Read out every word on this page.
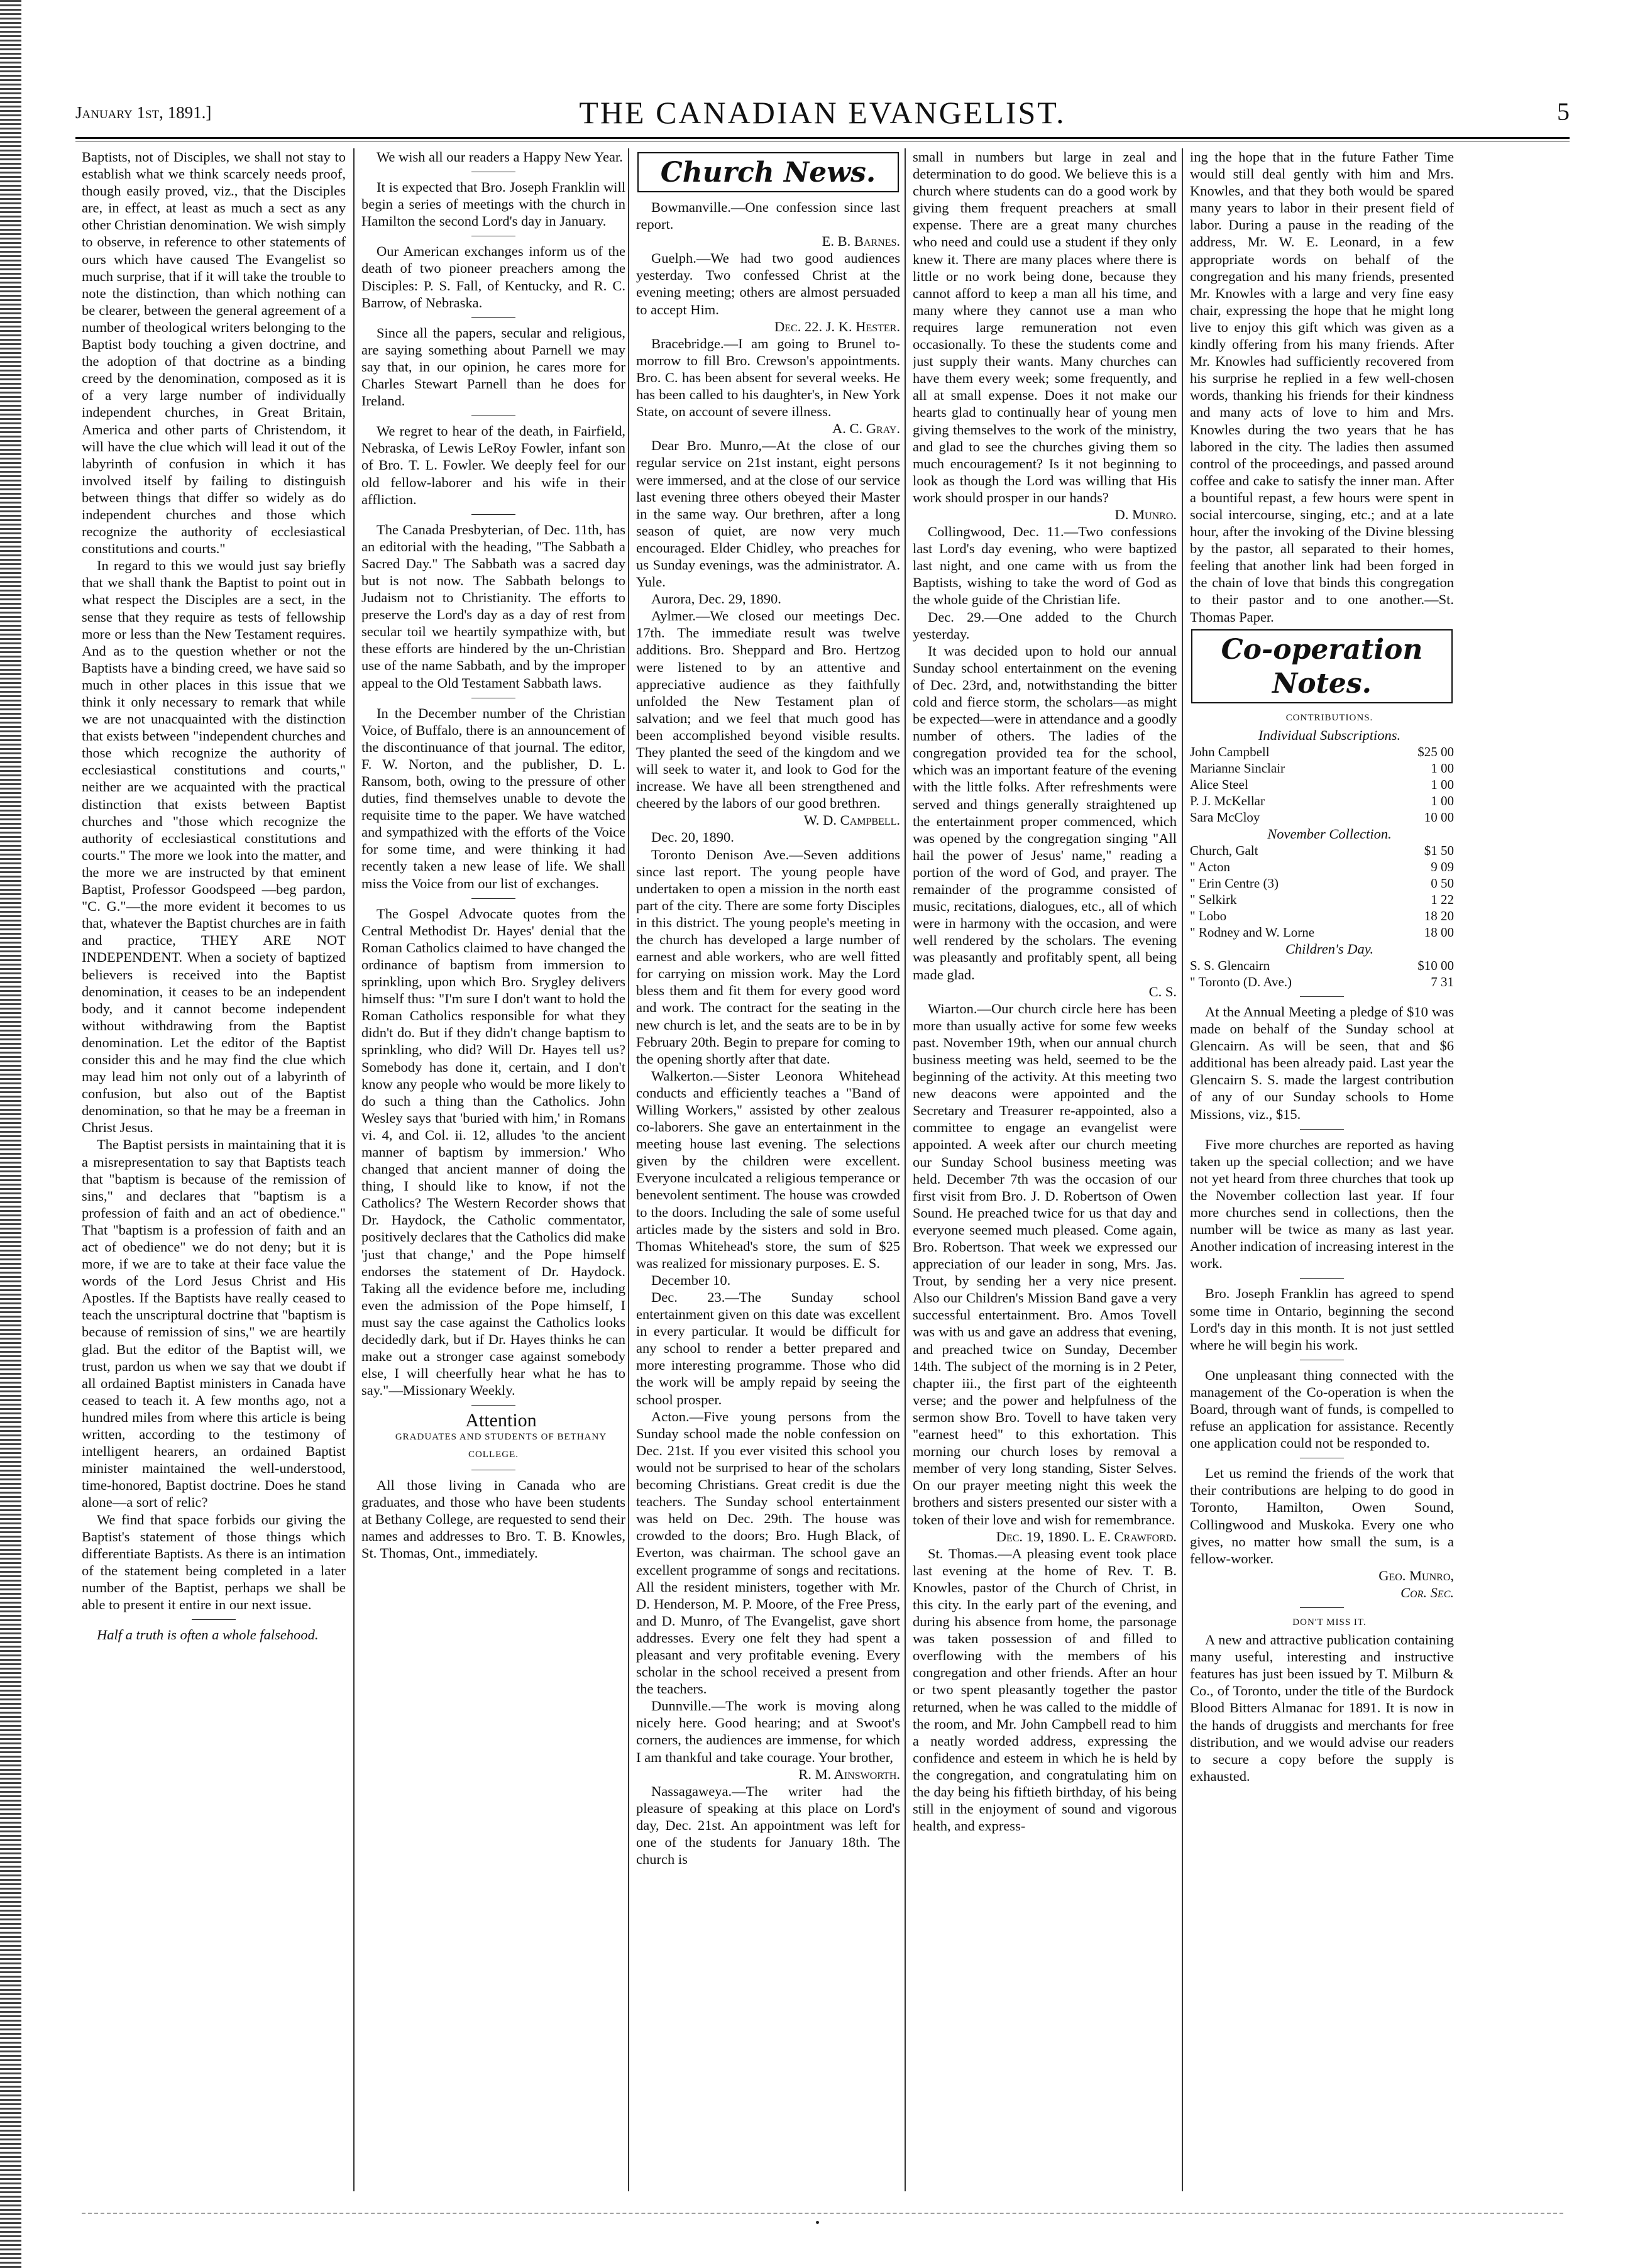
January 1st, 1891.]	THE CANADIAN EVANGELIST.	5

Baptists, not of Disciples, we shall not stay to establish what we think scarcely needs proof, though easily proved, viz., that the Disciples are, in effect, at least as much a sect as any other Christian denomination. We wish simply to observe, in reference to other statements of ours which have caused The Evangelist so much surprise, that if it will take the trouble to note the distinction, than which nothing can be clearer, between the general agreement of a number of theological writers belonging to the Baptist body touching a given doctrine, and the adoption of that doctrine as a binding creed by the denomination, composed as it is of a very large number of individually independent churches, in Great Britain, America and other parts of Christendom, it will have the clue which will lead it out of the labyrinth of confusion in which it has involved itself by failing to distinguish between things that differ so widely as do independent churches and those which recognize the authority of ecclesiastical constitutions and courts."

In regard to this we would just say briefly that we shall thank the Baptist to point out in what respect the Disciples are a sect, in the sense that they require as tests of fellowship more or less than the New Testament requires. And as to the question whether or not the Baptists have a binding creed, we have said so much in other places in this issue that we think it only necessary to remark that while we are not unacquainted with the distinction that exists between "independent churches and those which recognize the authority of ecclesiastical constitutions and courts," neither are we acquainted with the practical distinction that exists between Baptist churches and "those which recognize the authority of ecclesiastical constitutions and courts." The more we look into the matter, and the more we are instructed by that eminent Baptist, Professor Goodspeed —beg pardon, "C. G."—the more evident it becomes to us that, whatever the Baptist churches are in faith and practice, THEY ARE NOT INDEPENDENT. When a society of baptized believers is received into the Baptist denomination, it ceases to be an independent body, and it cannot become independent without withdrawing from the Baptist denomination. Let the editor of the Baptist consider this and he may find the clue which may lead him not only out of a labyrinth of confusion, but also out of the Baptist denomination, so that he may be a freeman in Christ Jesus.

The Baptist persists in maintaining that it is a misrepresentation to say that Baptists teach that "baptism is because of the remission of sins," and declares that "baptism is a profession of faith and an act of obedience." That "baptism is a profession of faith and an act of obedience" we do not deny; but it is more, if we are to take at their face value the words of the Lord Jesus Christ and His Apostles. If the Baptists have really ceased to teach the unscriptural doctrine that "baptism is because of remission of sins," we are heartily glad. But the editor of the Baptist will, we trust, pardon us when we say that we doubt if all ordained Baptist ministers in Canada have ceased to teach it. A few months ago, not a hundred miles from where this article is being written, according to the testimony of intelligent hearers, an ordained Baptist minister maintained the well-understood, time-honored, Baptist doctrine. Does he stand alone—a sort of relic?

We find that space forbids our giving the Baptist's statement of those things which differentiate Baptists. As there is an intimation of the statement being completed in a later number of the Baptist, perhaps we shall be able to present it entire in our next issue.

Half a truth is often a whole falsehood.

We wish all our readers a Happy New Year.

It is expected that Bro. Joseph Franklin will begin a series of meetings with the church in Hamilton the second Lord's day in January.

Our American exchanges inform us of the death of two pioneer preachers among the Disciples: P. S. Fall, of Kentucky, and R. C. Barrow, of Nebraska.

Since all the papers, secular and religious, are saying something about Parnell we may say that, in our opinion, he cares more for Charles Stewart Parnell than he does for Ireland.

We regret to hear of the death, in Fairfield, Nebraska, of Lewis LeRoy Fowler, infant son of Bro. T. L. Fowler. We deeply feel for our old fellow-laborer and his wife in their affliction.

The Canada Presbyterian, of Dec. 11th, has an editorial with the heading, "The Sabbath a Sacred Day." The Sabbath was a sacred day but is not now. The Sabbath belongs to Judaism not to Christianity. The efforts to preserve the Lord's day as a day of rest from secular toil we heartily sympathize with, but these efforts are hindered by the un-Christian use of the name Sabbath, and by the improper appeal to the Old Testament Sabbath laws.

In the December number of the Christian Voice, of Buffalo, there is an announcement of the discontinuance of that journal. The editor, F. W. Norton, and the publisher, D. L. Ransom, both, owing to the pressure of other duties, find themselves unable to devote the requisite time to the paper. We have watched and sympathized with the efforts of the Voice for some time, and were thinking it had recently taken a new lease of life. We shall miss the Voice from our list of exchanges.

The Gospel Advocate quotes from the Central Methodist Dr. Hayes' denial that the Roman Catholics claimed to have changed the ordinance of baptism from immersion to sprinkling, upon which Bro. Srygley delivers himself thus: "I'm sure I don't want to hold the Roman Catholics responsible for what they didn't do. But if they didn't change baptism to sprinkling, who did? Will Dr. Hayes tell us? Somebody has done it, certain, and I don't know any people who would be more likely to do such a thing than the Catholics. John Wesley says that 'buried with him,' in Romans vi. 4, and Col. ii. 12, alludes 'to the ancient manner of baptism by immersion.' Who changed that ancient manner of doing the thing, I should like to know, if not the Catholics? The Western Recorder shows that Dr. Haydock, the Catholic commentator, positively declares that the Catholics did make 'just that change,' and the Pope himself endorses the statement of Dr. Haydock. Taking all the evidence before me, including even the admission of the Pope himself, I must say the case against the Catholics looks decidedly dark, but if Dr. Hayes thinks he can make out a stronger case against somebody else, I will cheerfully hear what he has to say."—Missionary Weekly.

Attention

GRADUATES AND STUDENTS OF BETHANY COLLEGE.

All those living in Canada who are graduates, and those who have been students at Bethany College, are requested to send their names and addresses to Bro. T. B. Knowles, St. Thomas, Ont., immediately.

Church News.

Bowmanville.—One confession since last report.

E. B. Barnes.

Guelph.—We had two good audiences yesterday. Two confessed Christ at the evening meeting; others are almost persuaded to accept Him.

Dec. 22. J. K. Hester.

Bracebridge.—I am going to Brunel to-morrow to fill Bro. Crewson's appointments. Bro. C. has been absent for several weeks. He has been called to his daughter's, in New York State, on account of severe illness.

A. C. Gray.

Dear Bro. Munro,—At the close of our regular service on 21st instant, eight persons were immersed, and at the close of our service last evening three others obeyed their Master in the same way. Our brethren, after a long season of quiet, are now very much encouraged. Elder Chidley, who preaches for us Sunday evenings, was the administrator. A. Yule.

Aurora, Dec. 29, 1890.

Aylmer.—We closed our meetings Dec. 17th. The immediate result was twelve additions. Bro. Sheppard and Bro. Hertzog were listened to by an attentive and appreciative audience as they faithfully unfolded the New Testament plan of salvation; and we feel that much good has been accomplished beyond visible results. They planted the seed of the kingdom and we will seek to water it, and look to God for the increase. We have all been strengthened and cheered by the labors of our good brethren.

W. D. Campbell.

Dec. 20, 1890.

Toronto Denison Ave.—Seven additions since last report. The young people have undertaken to open a mission in the north east part of the city. There are some forty Disciples in this district. The young people's meeting in the church has developed a large number of earnest and able workers, who are well fitted for carrying on mission work. May the Lord bless them and fit them for every good word and work. The contract for the seating in the new church is let, and the seats are to be in by February 20th. Begin to prepare for coming to the opening shortly after that date.

Walkerton.—Sister Leonora Whitehead conducts and efficiently teaches a "Band of Willing Workers," assisted by other zealous co-laborers. She gave an entertainment in the meeting house last evening. The selections given by the children were excellent. Everyone inculcated a religious temperance or benevolent sentiment. The house was crowded to the doors. Including the sale of some useful articles made by the sisters and sold in Bro. Thomas Whitehead's store, the sum of $25 was realized for missionary purposes. E. S.

December 10.

Dec. 23.—The Sunday school entertainment given on this date was excellent in every particular. It would be difficult for any school to render a better prepared and more interesting programme. Those who did the work will be amply repaid by seeing the school prosper.

Acton.—Five young persons from the Sunday school made the noble confession on Dec. 21st. If you ever visited this school you would not be surprised to hear of the scholars becoming Christians. Great credit is due the teachers. The Sunday school entertainment was held on Dec. 29th. The house was crowded to the doors; Bro. Hugh Black, of Everton, was chairman. The school gave an excellent programme of songs and recitations. All the resident ministers, together with Mr. D. Henderson, M. P. Moore, of the Free Press, and D. Munro, of The Evangelist, gave short addresses. Every one felt they had spent a pleasant and very profitable evening. Every scholar in the school received a present from the teachers.

Dunnville.—The work is moving along nicely here. Good hearing; and at Swoot's corners, the audiences are immense, for which I am thankful and take courage. Your brother,

R. M. Ainsworth.

Nassagaweya.—The writer had the pleasure of speaking at this place on Lord's day, Dec. 21st. An appointment was left for one of the students for January 18th. The church is

small in numbers but large in zeal and determination to do good. We believe this is a church where students can do a good work by giving them frequent preachers at small expense. There are a great many churches who need and could use a student if they only knew it. There are many places where there is little or no work being done, because they cannot afford to keep a man all his time, and many where they cannot use a man who requires large remuneration not even occasionally. To these the students come and just supply their wants. Many churches can have them every week; some frequently, and all at small expense. Does it not make our hearts glad to continually hear of young men giving themselves to the work of the ministry, and glad to see the churches giving them so much encouragement? Is it not beginning to look as though the Lord was willing that His work should prosper in our hands?

D. Munro.

Collingwood, Dec. 11.—Two confessions last Lord's day evening, who were baptized last night, and one came with us from the Baptists, wishing to take the word of God as the whole guide of the Christian life.

Dec. 29.—One added to the Church yesterday.

It was decided upon to hold our annual Sunday school entertainment on the evening of Dec. 23rd, and, notwithstanding the bitter cold and fierce storm, the scholars—as might be expected—were in attendance and a goodly number of others. The ladies of the congregation provided tea for the school, which was an important feature of the evening with the little folks. After refreshments were served and things generally straightened up the entertainment proper commenced, which was opened by the congregation singing "All hail the power of Jesus' name," reading a portion of the word of God, and prayer. The remainder of the programme consisted of music, recitations, dialogues, etc., all of which were in harmony with the occasion, and were well rendered by the scholars. The evening was pleasantly and profitably spent, all being made glad.

C. S.

Wiarton.—Our church circle here has been more than usually active for some few weeks past. November 19th, when our annual church business meeting was held, seemed to be the beginning of the activity. At this meeting two new deacons were appointed and the Secretary and Treasurer re-appointed, also a committee to engage an evangelist were appointed. A week after our church meeting our Sunday School business meeting was held. December 7th was the occasion of our first visit from Bro. J. D. Robertson of Owen Sound. He preached twice for us that day and everyone seemed much pleased. Come again, Bro. Robertson. That week we expressed our appreciation of our leader in song, Mrs. Jas. Trout, by sending her a very nice present. Also our Children's Mission Band gave a very successful entertainment. Bro. Amos Tovell was with us and gave an address that evening, and preached twice on Sunday, December 14th. The subject of the morning is in 2 Peter, chapter iii., the first part of the eighteenth verse; and the power and helpfulness of the sermon show Bro. Tovell to have taken very "earnest heed" to this exhortation. This morning our church loses by removal a member of very long standing, Sister Selves. On our prayer meeting night this week the brothers and sisters presented our sister with a token of their love and wish for remembrance.

Dec. 19, 1890. L. E. Crawford.

St. Thomas.—A pleasing event took place last evening at the home of Rev. T. B. Knowles, pastor of the Church of Christ, in this city. In the early part of the evening, and during his absence from home, the parsonage was taken possession of and filled to overflowing with the members of his congregation and other friends. After an hour or two spent pleasantly together the pastor returned, when he was called to the middle of the room, and Mr. John Campbell read to him a neatly worded address, expressing the confidence and esteem in which he is held by the congregation, and congratulating him on the day being his fiftieth birthday, of his being still in the enjoyment of sound and vigorous health, and express-

ing the hope that in the future Father Time would still deal gently with him and Mrs. Knowles, and that they both would be spared many years to labor in their present field of labor. During a pause in the reading of the address, Mr. W. E. Leonard, in a few appropriate words on behalf of the congregation and his many friends, presented Mr. Knowles with a large and very fine easy chair, expressing the hope that he might long live to enjoy this gift which was given as a kindly offering from his many friends. After Mr. Knowles had sufficiently recovered from his surprise he replied in a few well-chosen words, thanking his friends for their kindness and many acts of love to him and Mrs. Knowles during the two years that he has labored in the city. The ladies then assumed control of the proceedings, and passed around coffee and cake to satisfy the inner man. After a bountiful repast, a few hours were spent in social intercourse, singing, etc.; and at a late hour, after the invoking of the Divine blessing by the pastor, all separated to their homes, feeling that another link had been forged in the chain of love that binds this congregation to their pastor and to one another.—St. Thomas Paper.

Co-operation Notes.

CONTRIBUTIONS.

Individual Subscriptions.

John Campbell	$25 00
Marianne Sinclair	1 00
Alice Steel	1 00
P. J. McKellar	1 00
Sara McCloy	10 00

November Collection.

Church, Galt	$1 50
" Acton	9 09
" Erin Centre (3)	0 50
" Selkirk	1 22
" Lobo	18 20
" Rodney and W. Lorne	18 00

Children's Day.

S. S. Glencairn	$10 00
" Toronto (D. Ave.)	7 31

At the Annual Meeting a pledge of $10 was made on behalf of the Sunday school at Glencairn. As will be seen, that and $6 additional has been already paid. Last year the Glencairn S. S. made the largest contribution of any of our Sunday schools to Home Missions, viz., $15.

Five more churches are reported as having taken up the special collection; and we have not yet heard from three churches that took up the November collection last year. If four more churches send in collections, then the number will be twice as many as last year. Another indication of increasing interest in the work.

Bro. Joseph Franklin has agreed to spend some time in Ontario, beginning the second Lord's day in this month. It is not just settled where he will begin his work.

One unpleasant thing connected with the management of the Co-operation is when the Board, through want of funds, is compelled to refuse an application for assistance. Recently one application could not be responded to.

Let us remind the friends of the work that their contributions are helping to do good in Toronto, Hamilton, Owen Sound, Collingwood and Muskoka. Every one who gives, no matter how small the sum, is a fellow-worker.

Geo. Munro,

Cor. Sec.

DON'T MISS IT.

A new and attractive publication containing many useful, interesting and instructive features has just been issued by T. Milburn & Co., of Toronto, under the title of the Burdock Blood Bitters Almanac for 1891. It is now in the hands of druggists and merchants for free distribution, and we would advise our readers to secure a copy before the supply is exhausted.
